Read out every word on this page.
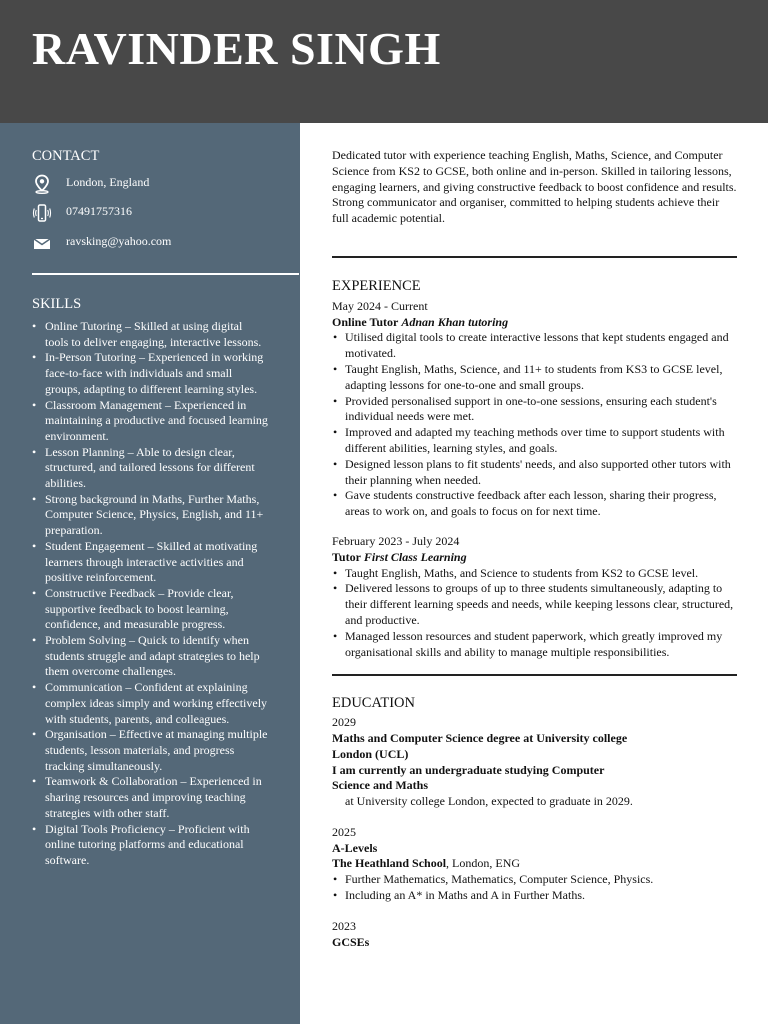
RAVINDER SINGH
CONTACT
London, England
07491757316
ravsking@yahoo.com
SKILLS
• Online Tutoring – Skilled at using digital tools to deliver engaging, interactive lessons.
• In-Person Tutoring – Experienced in working face-to-face with individuals and small groups, adapting to different learning styles.
• Classroom Management – Experienced in maintaining a productive and focused learning environment.
• Lesson Planning – Able to design clear, structured, and tailored lessons for different abilities.
• Strong background in Maths, Further Maths, Computer Science, Physics, English, and 11+ preparation.
• Student Engagement – Skilled at motivating learners through interactive activities and positive reinforcement.
• Constructive Feedback – Provide clear, supportive feedback to boost learning, confidence, and measurable progress.
• Problem Solving – Quick to identify when students struggle and adapt strategies to help them overcome challenges.
• Communication – Confident at explaining complex ideas simply and working effectively with students, parents, and colleagues.
• Organisation – Effective at managing multiple students, lesson materials, and progress tracking simultaneously.
• Teamwork & Collaboration – Experienced in sharing resources and improving teaching strategies with other staff.
• Digital Tools Proficiency – Proficient with online tutoring platforms and educational software.

Dedicated tutor with experience teaching English, Maths, Science, and Computer Science from KS2 to GCSE, both online and in-person. Skilled in tailoring lessons, engaging learners, and giving constructive feedback to boost confidence and results. Strong communicator and organiser, committed to helping students achieve their full academic potential.

EXPERIENCE
May 2024 - Current
Online Tutor Adnan Khan tutoring
• Utilised digital tools to create interactive lessons that kept students engaged and motivated.
• Taught English, Maths, Science, and 11+ to students from KS3 to GCSE level, adapting lessons for one-to-one and small groups.
• Provided personalised support in one-to-one sessions, ensuring each student's individual needs were met.
• Improved and adapted my teaching methods over time to support students with different abilities, learning styles, and goals.
• Designed lesson plans to fit students' needs, and also supported other tutors with their planning when needed.
• Gave students constructive feedback after each lesson, sharing their progress, areas to work on, and goals to focus on for next time.
February 2023 - July 2024
Tutor First Class Learning
• Taught English, Maths, and Science to students from KS2 to GCSE level.
• Delivered lessons to groups of up to three students simultaneously, adapting to their different learning speeds and needs, while keeping lessons clear, structured, and productive.
• Managed lesson resources and student paperwork, which greatly improved my organisational skills and ability to manage multiple responsibilities.
EDUCATION
2029
Maths and Computer Science degree at University college London (UCL)
I am currently an undergraduate studying Computer Science and Maths
at University college London, expected to graduate in 2029.
2025
A-Levels
The Heathland School, London, ENG
• Further Mathematics, Mathematics, Computer Science, Physics.
• Including an A* in Maths and A in Further Maths.
2023
GCSEs
